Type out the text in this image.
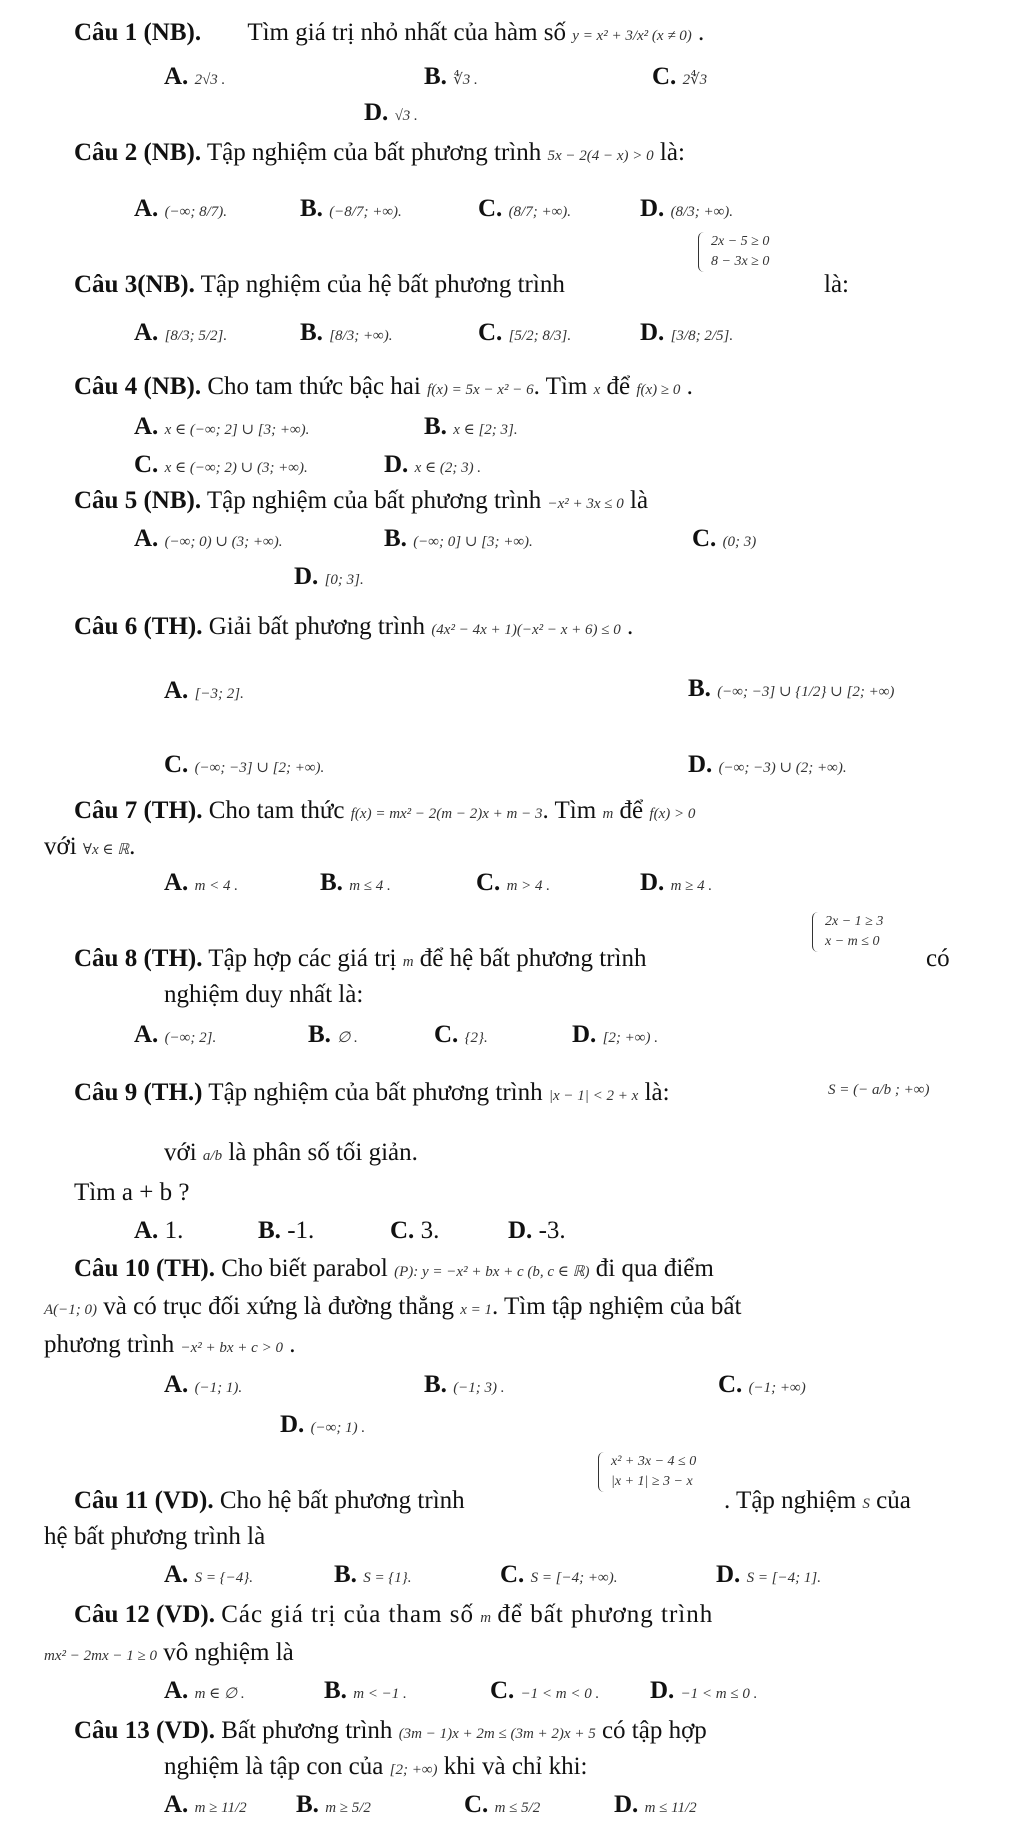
Câu 1 (NB). Tìm giá trị nhỏ nhất của hàm số y = x² + 3/x² (x ≠ 0) .
A. 2√3 .	B. ∜3 .	C. 2∜3
D. √3 .
Câu 2 (NB). Tập nghiệm của bất phương trình 5x − 2(4 − x) > 0 là:
A. (−∞; 8/7).	B. (−8/7; +∞).	C. (8/7; +∞).	D. (8/3; +∞).
2x − 5 ≥ 0
8 − 3x ≥ 0
Câu 3(NB). Tập nghiệm của hệ bất phương trình	là:
A. [8/3; 5/2].	B. [8/3; +∞).	C. [5/2; 8/3].	D. [3/8; 2/5].
Câu 4 (NB). Cho tam thức bậc hai f(x) = 5x − x² − 6. Tìm x để f(x) ≥ 0 .
A. x ∈ (−∞; 2] ∪ [3; +∞).	B. x ∈ [2; 3].
C. x ∈ (−∞; 2) ∪ (3; +∞).	D. x ∈ (2; 3) .
Câu 5 (NB). Tập nghiệm của bất phương trình −x² + 3x ≤ 0 là
A. (−∞; 0) ∪ (3; +∞).	B. (−∞; 0] ∪ [3; +∞).	C. (0; 3)
D. [0; 3].
Câu 6 (TH). Giải bất phương trình (4x² − 4x + 1)(−x² − x + 6) ≤ 0 .
A. [−3; 2].	B. (−∞; −3] ∪ {1/2} ∪ [2; +∞)
C. (−∞; −3] ∪ [2; +∞).	D. (−∞; −3) ∪ (2; +∞).
Câu 7 (TH). Cho tam thức f(x) = mx² − 2(m − 2)x + m − 3. Tìm m để f(x) > 0
với ∀x ∈ ℝ.
A. m < 4 .	B. m ≤ 4 .	C. m > 4 .	D. m ≥ 4 .
2x − 1 ≥ 3
x − m ≤ 0
Câu 8 (TH). Tập hợp các giá trị m để hệ bất phương trình	có
nghiệm duy nhất là:
A. (−∞; 2].	B. ∅ .	C. {2}.	D. [2; +∞) .
Câu 9 (TH.) Tập nghiệm của bất phương trình |x − 1| < 2 + x là:	S = (− a/b ; +∞)
với a/b là phân số tối giản.
Tìm a + b ?
A. 1.	B. -1.	C. 3.	D. -3.
Câu 10 (TH). Cho biết parabol (P): y = −x² + bx + c (b, c ∈ ℝ) đi qua điểm
A(−1; 0) và có trục đối xứng là đường thẳng x = 1. Tìm tập nghiệm của bất
phương trình −x² + bx + c > 0 .
A. (−1; 1).	B. (−1; 3) .	C. (−1; +∞)
D. (−∞; 1) .
x² + 3x − 4 ≤ 0
|x + 1| ≥ 3 − x
Câu 11 (VD). Cho hệ bất phương trình	. Tập nghiệm S của
hệ bất phương trình là
A. S = {−4}.	B. S = {1}.	C. S = [−4; +∞).	D. S = [−4; 1].
Câu 12 (VD). Các giá trị của tham số m để bất phương trình
mx² − 2mx − 1 ≥ 0 vô nghiệm là
A. m ∈ ∅ .	B. m < −1 .	C. −1 < m < 0 . D. −1 < m ≤ 0 .
Câu 13 (VD). Bất phương trình (3m − 1)x + 2m ≤ (3m + 2)x + 5 có tập hợp
nghiệm là tập con của [2; +∞) khi và chỉ khi:
A. m ≥ 11/2 B. m ≥ 5/2	C. m ≤ 5/2	D. m ≤ 11/2
